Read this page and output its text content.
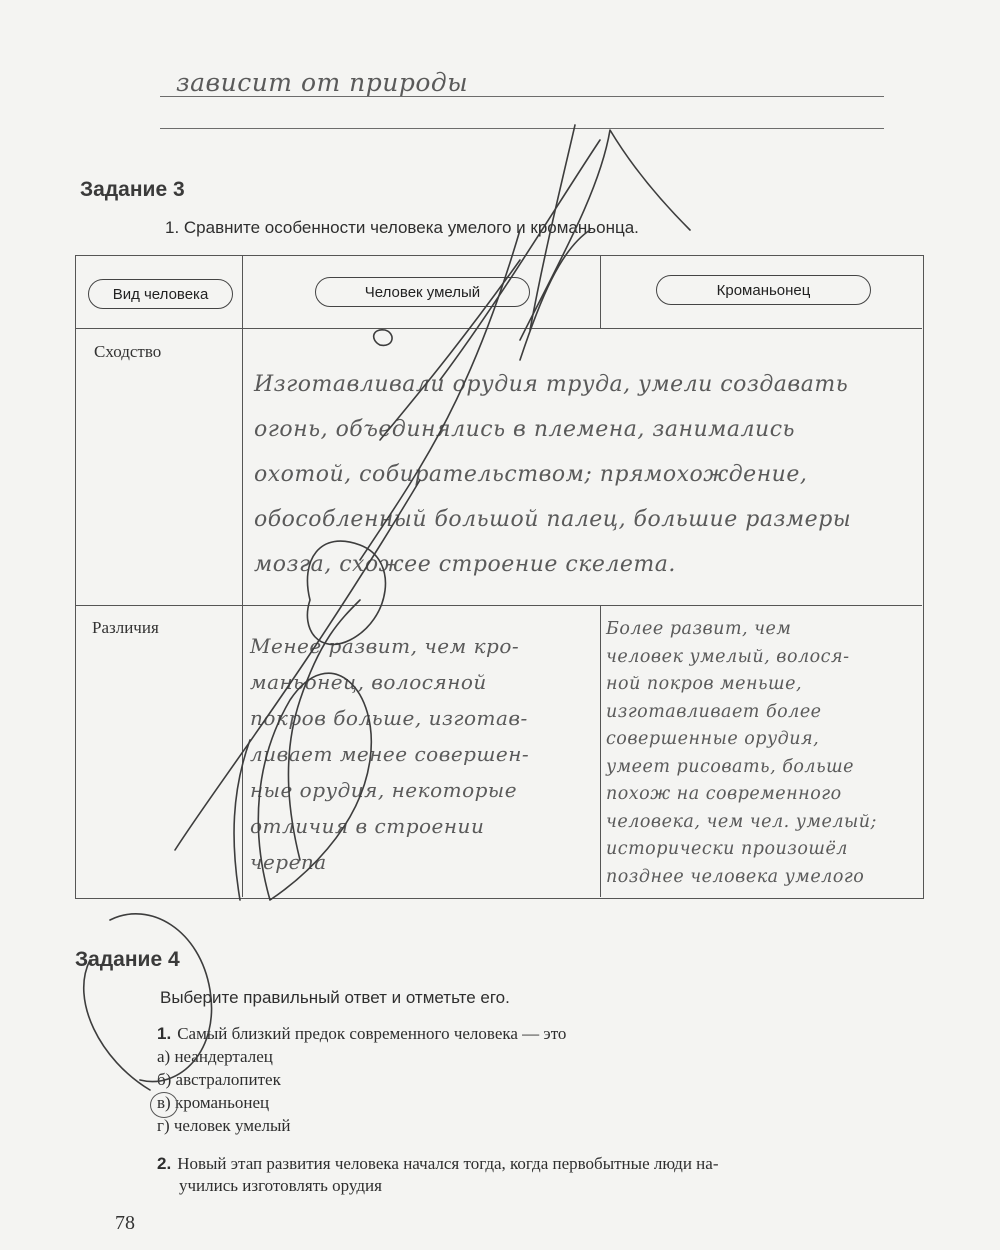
зависит от природы
Задание 3
1. Сравните особенности человека умелого и кроманьонца.
Вид человека	Человек умелый	Кроманьонец
Сходство
Различия
Изготавливали орудия труда, умели создавать
огонь, объединялись в племена, занимались
охотой, собирательством; прямохождение,
обособленный большой палец, большие размеры
мозга, схожее строение скелета.
Менее развит, чем кро-
маньонец, волосяной
покров больше, изготав-
ливает менее совершен-
ные орудия, некоторые
отличия в строении
черепа
Более развит, чем
человек умелый, волося-
ной покров меньше,
изготавливает более
совершенные орудия,
умеет рисовать, больше
похож на современного
человека, чем чел. умелый;
исторически произошёл
позднее человека умелого
Задание 4
Выберите правильный ответ и отметьте его.
1. Самый близкий предок современного человека — это
а) неандерталец
б) австралопитек
в) кроманьонец
г) человек умелый
2. Новый этап развития человека начался тогда, когда первобытные люди на-
учились изготовлять орудия
78
